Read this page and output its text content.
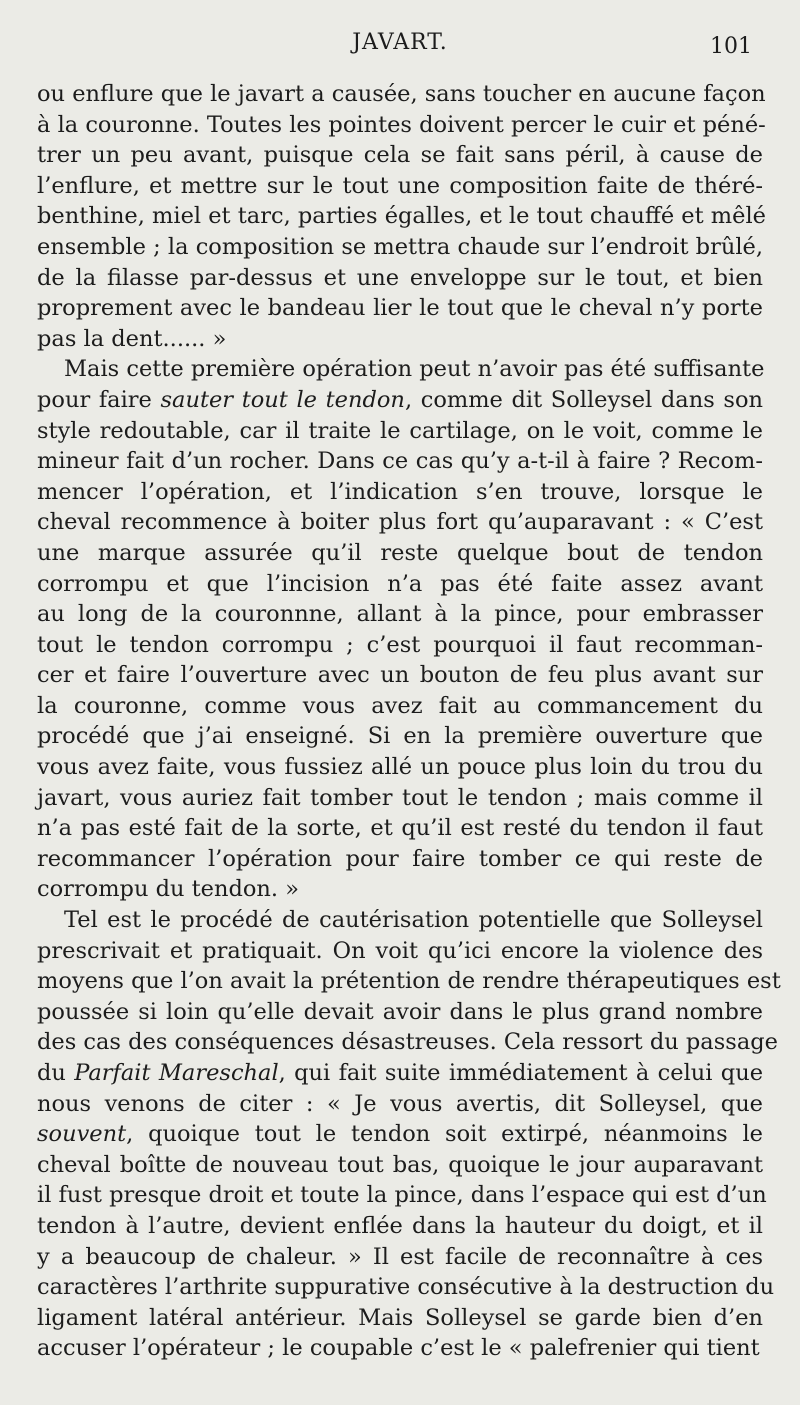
JAVART.	101
ou enflure que le javart a causée, sans toucher en aucune façon
à la couronne. Toutes les pointes doivent percer le cuir et péné-
trer un peu avant, puisque cela se fait sans péril, à cause de
l’enflure, et mettre sur le tout une composition faite de théré-
benthine, miel et tarc, parties égalles, et le tout chauffé et mêlé
ensemble ; la composition se mettra chaude sur l’endroit brûlé,
de la filasse par-dessus et une enveloppe sur le tout, et bien
proprement avec le bandeau lier le tout que le cheval n’y porte
pas la dent...... »
Mais cette première opération peut n’avoir pas été suffisante
pour faire sauter tout le tendon, comme dit Solleysel dans son
style redoutable, car il traite le cartilage, on le voit, comme le
mineur fait d’un rocher. Dans ce cas qu’y a-t-il à faire ? Recom-
mencer l’opération, et l’indication s’en trouve, lorsque le
cheval recommence à boiter plus fort qu’auparavant : « C’est
une marque assurée qu’il reste quelque bout de tendon
corrompu et que l’incision n’a pas été faite assez avant
au long de la couronnne, allant à la pince, pour embrasser
tout le tendon corrompu ; c’est pourquoi il faut recomman-
cer et faire l’ouverture avec un bouton de feu plus avant sur
la couronne, comme vous avez fait au commancement du
procédé que j’ai enseigné. Si en la première ouverture que
vous avez faite, vous fussiez allé un pouce plus loin du trou du
javart, vous auriez fait tomber tout le tendon ; mais comme il
n’a pas esté fait de la sorte, et qu’il est resté du tendon il faut
recommancer l’opération pour faire tomber ce qui reste de
corrompu du tendon. »
Tel est le procédé de cautérisation potentielle que Solleysel
prescrivait et pratiquait. On voit qu’ici encore la violence des
moyens que l’on avait la prétention de rendre thérapeutiques est
poussée si loin qu’elle devait avoir dans le plus grand nombre
des cas des conséquences désastreuses. Cela ressort du passage
du Parfait Mareschal, qui fait suite immédiatement à celui que
nous venons de citer : « Je vous avertis, dit Solleysel, que
souvent, quoique tout le tendon soit extirpé, néanmoins le
cheval boîtte de nouveau tout bas, quoique le jour auparavant
il fust presque droit et toute la pince, dans l’espace qui est d’un
tendon à l’autre, devient enflée dans la hauteur du doigt, et il
y a beaucoup de chaleur. » Il est facile de reconnaître à ces
caractères l’arthrite suppurative consécutive à la destruction du
ligament latéral antérieur. Mais Solleysel se garde bien d’en
accuser l’opérateur ; le coupable c’est le « palefrenier qui tient
